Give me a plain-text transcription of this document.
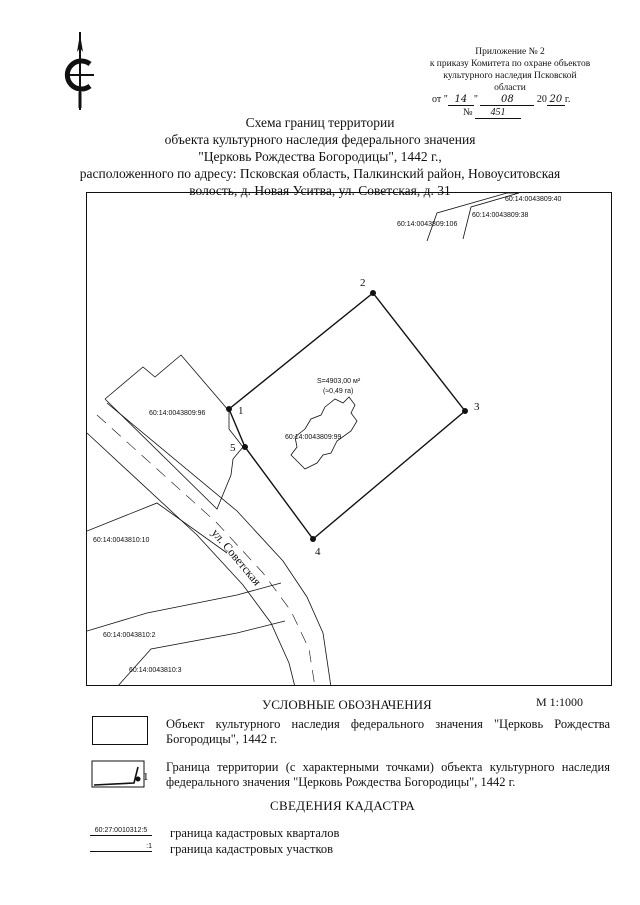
Приложение № 2
к приказу Комитета по охране объектов
культурного наследия Псковской
области
от " 14 " 08 20 20 г.
№ 451
Схема границ территории
объекта культурного наследия федерального значения
"Церковь Рождества Богородицы", 1442 г.,
расположенного по адресу: Псковская область, Палкинский район, Новоуситовская
волость, д. Новая Уситва, ул. Советская, д. 31
1
2
3
4
5
60:14:0043809:96
60:14:0043809:99
60:14:0043809:106
60:14:0043809:38
60:14:0043809:40
60:14:0043810:10
60:14:0043810:2
60:14:0043810:3
S=4903,00 м²
(≈0,49 га)
ул. Советская
УСЛОВНЫЕ ОБОЗНАЧЕНИЯ	М 1:1000
Объект культурного наследия федерального значения "Церковь Рождества Богородицы", 1442 г.
1
Граница территории (с характерными точками) объекта культурного наследия федерального значения "Церковь Рождества Богородицы", 1442 г.
СВЕДЕНИЯ КАДАСТРА
60:27:0010312:5	граница кадастровых кварталов
:1 граница кадастровых участков
